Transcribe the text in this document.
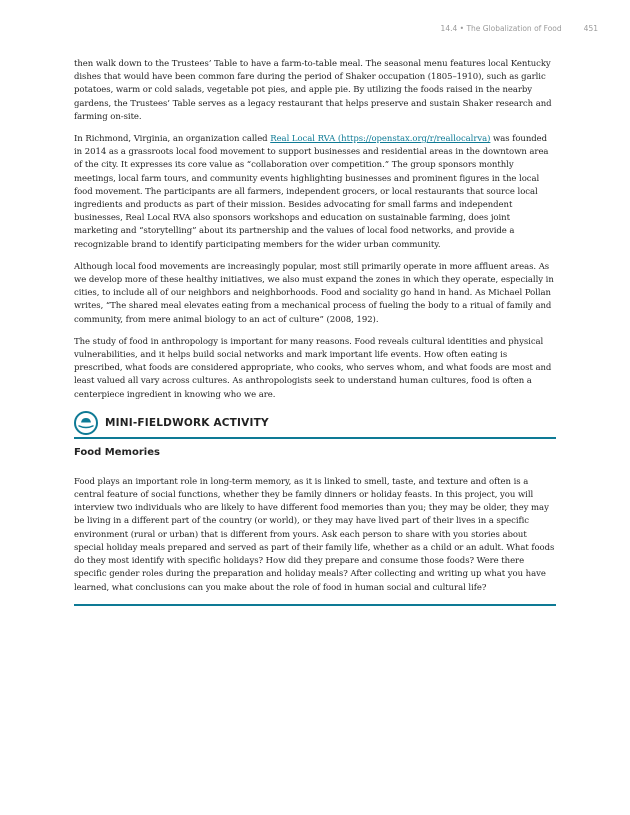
14.4 • The Globalization of Food	451

then walk down to the Trustees’ Table to have a farm-to-table meal. The seasonal menu features local Kentucky dishes that would have been common fare during the period of Shaker occupation (1805–1910), such as garlic potatoes, warm or cold salads, vegetable pot pies, and apple pie. By utilizing the foods raised in the nearby gardens, the Trustees’ Table serves as a legacy restaurant that helps preserve and sustain Shaker research and farming on-site.

In Richmond, Virginia, an organization called Real Local RVA (https://openstax.org/r/reallocalrva) was founded in 2014 as a grassroots local food movement to support businesses and residential areas in the downtown area of the city. It expresses its core value as “collaboration over competition.” The group sponsors monthly meetings, local farm tours, and community events highlighting businesses and prominent figures in the local food movement. The participants are all farmers, independent grocers, or local restaurants that source local ingredients and products as part of their mission. Besides advocating for small farms and independent businesses, Real Local RVA also sponsors workshops and education on sustainable farming, does joint marketing and “storytelling” about its partnership and the values of local food networks, and provide a recognizable brand to identify participating members for the wider urban community.

Although local food movements are increasingly popular, most still primarily operate in more affluent areas. As we develop more of these healthy initiatives, we also must expand the zones in which they operate, especially in cities, to include all of our neighbors and neighborhoods. Food and sociality go hand in hand. As Michael Pollan writes, “The shared meal elevates eating from a mechanical process of fueling the body to a ritual of family and community, from mere animal biology to an act of culture” (2008, 192).

The study of food in anthropology is important for many reasons. Food reveals cultural identities and physical vulnerabilities, and it helps build social networks and mark important life events. How often eating is prescribed, what foods are considered appropriate, who cooks, who serves whom, and what foods are most and least valued all vary across cultures. As anthropologists seek to understand human cultures, food is often a centerpiece ingredient in knowing who we are.

MINI-FIELDWORK ACTIVITY
Food Memories

Food plays an important role in long-term memory, as it is linked to smell, taste, and texture and often is a central feature of social functions, whether they be family dinners or holiday feasts. In this project, you will interview two individuals who are likely to have different food memories than you; they may be older, they may be living in a different part of the country (or world), or they may have lived part of their lives in a specific environment (rural or urban) that is different from yours. Ask each person to share with you stories about special holiday meals prepared and served as part of their family life, whether as a child or an adult. What foods do they most identify with specific holidays? How did they prepare and consume those foods? Were there specific gender roles during the preparation and holiday meals? After collecting and writing up what you have learned, what conclusions can you make about the role of food in human social and cultural life?
